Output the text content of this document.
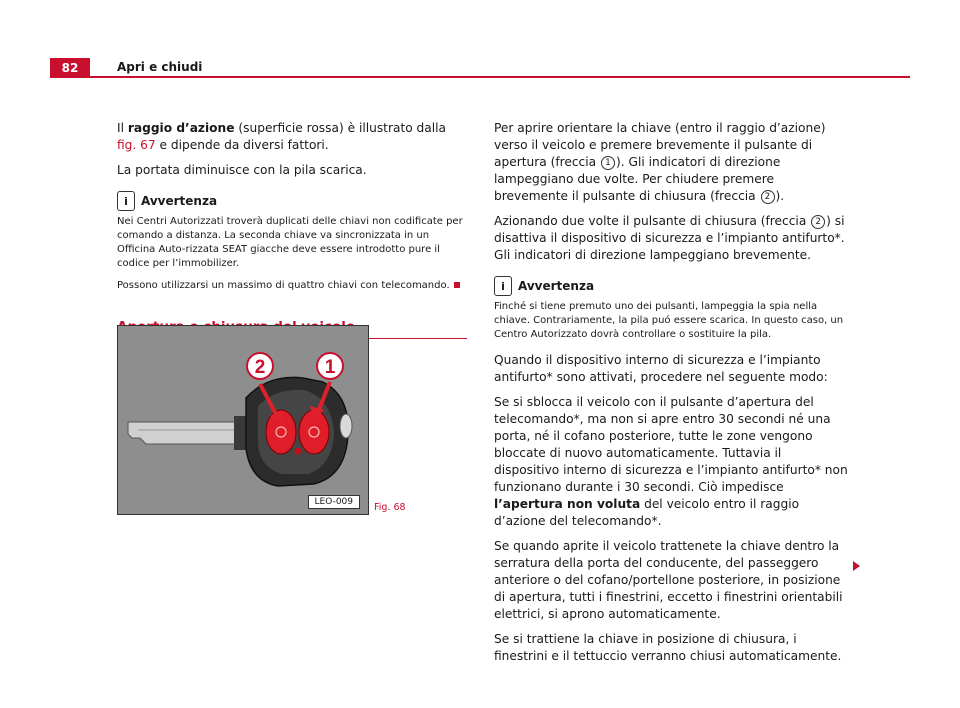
82	Apri e chiudi

Il raggio d’azione (superficie rossa) è illustrato dalla fig. 67 e dipende da diversi fattori.

La portata diminuisce con la pila scarica.

i	Avvertenza

Nei Centri Autorizzati troverà duplicati delle chiavi non codificate per comando a distanza. La seconda chiave va sincronizzata in un Officina Auto-rizzata SEAT giacche deve essere introdotto pure il codice per l’immobilizer.

Possono utilizzarsi un massimo di quattro chiavi con telecomando.

2	1
LEO-009	Fig. 68

Per aprire orientare la chiave (entro il raggio d’azione) verso il veicolo e premere brevemente il pulsante di apertura (freccia 1 ). Gli indicatori di direzione lampeggiano due volte. Per chiudere premere brevemente il pulsante di chiusura (freccia 2 ).

Azionando due volte il pulsante di chiusura (freccia 2 ) si disattiva il dispositivo di sicurezza e l’impianto antifurto*. Gli indicatori di direzione lampeggiano brevemente.

i	Avvertenza

Finché si tiene premuto uno dei pulsanti, lampeggia la spia nella chiave. Contrariamente, la pila puó essere scarica. In questo caso, un Centro Autorizzato dovrà controllare o sostituire la pila.

Quando il dispositivo interno di sicurezza e l’impianto antifurto* sono attivati, procedere nel seguente modo:

Se si sblocca il veicolo con il pulsante d’apertura del telecomando*, ma non si apre entro 30 secondi né una porta, né il cofano posteriore, tutte le zone vengono bloccate di nuovo automaticamente. Tuttavia il dispositivo interno di sicurezza e l’impianto antifurto* non funzionano durante i 30 secondi. Ciò impedisce l’apertura non voluta del veicolo entro il raggio d’azione del telecomando*.

Se quando aprite il veicolo trattenete la chiave dentro la serratura della porta del conducente, del passeggero anteriore o del cofano/portellone posteriore, in posizione di apertura, tutti i finestrini, eccetto i finestrini orientabili elettrici, si aprono automaticamente.

Se si trattiene la chiave in posizione di chiusura, i finestrini e il tettuccio verranno chiusi automaticamente.
